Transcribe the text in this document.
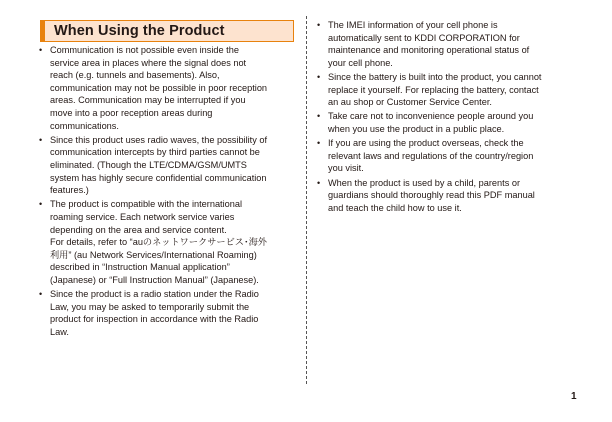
When Using the Product
• Communication is not possible even inside the
service area in places where the signal does not
reach (e.g. tunnels and basements). Also,
communication may not be possible in poor reception
areas. Communication may be interrupted if you
move into a poor reception areas during
communications.
• Since this product uses radio waves, the possibility of
communication intercepts by third parties cannot be
eliminated. (Though the LTE/CDMA/GSM/UMTS
system has highly secure confidential communication
features.)
• The product is compatible with the international
roaming service. Each network service varies
depending on the area and service content.
For details, refer to “auのネットワークサービス･海外
利用” (au Network Services/International Roaming)
described in “Instruction Manual application”
(Japanese) or “Full Instruction Manual” (Japanese).
• Since the product is a radio station under the Radio
Law, you may be asked to temporarily submit the
product for inspection in accordance with the Radio
Law.
• The IMEI information of your cell phone is
automatically sent to KDDI CORPORATION for
maintenance and monitoring operational status of
your cell phone.
• Since the battery is built into the product, you cannot
replace it yourself. For replacing the battery, contact
an au shop or Customer Service Center.
• Take care not to inconvenience people around you
when you use the product in a public place.
• If you are using the product overseas, check the
relevant laws and regulations of the country/region
you visit.
• When the product is used by a child, parents or
guardians should thoroughly read this PDF manual
and teach the child how to use it.
1
